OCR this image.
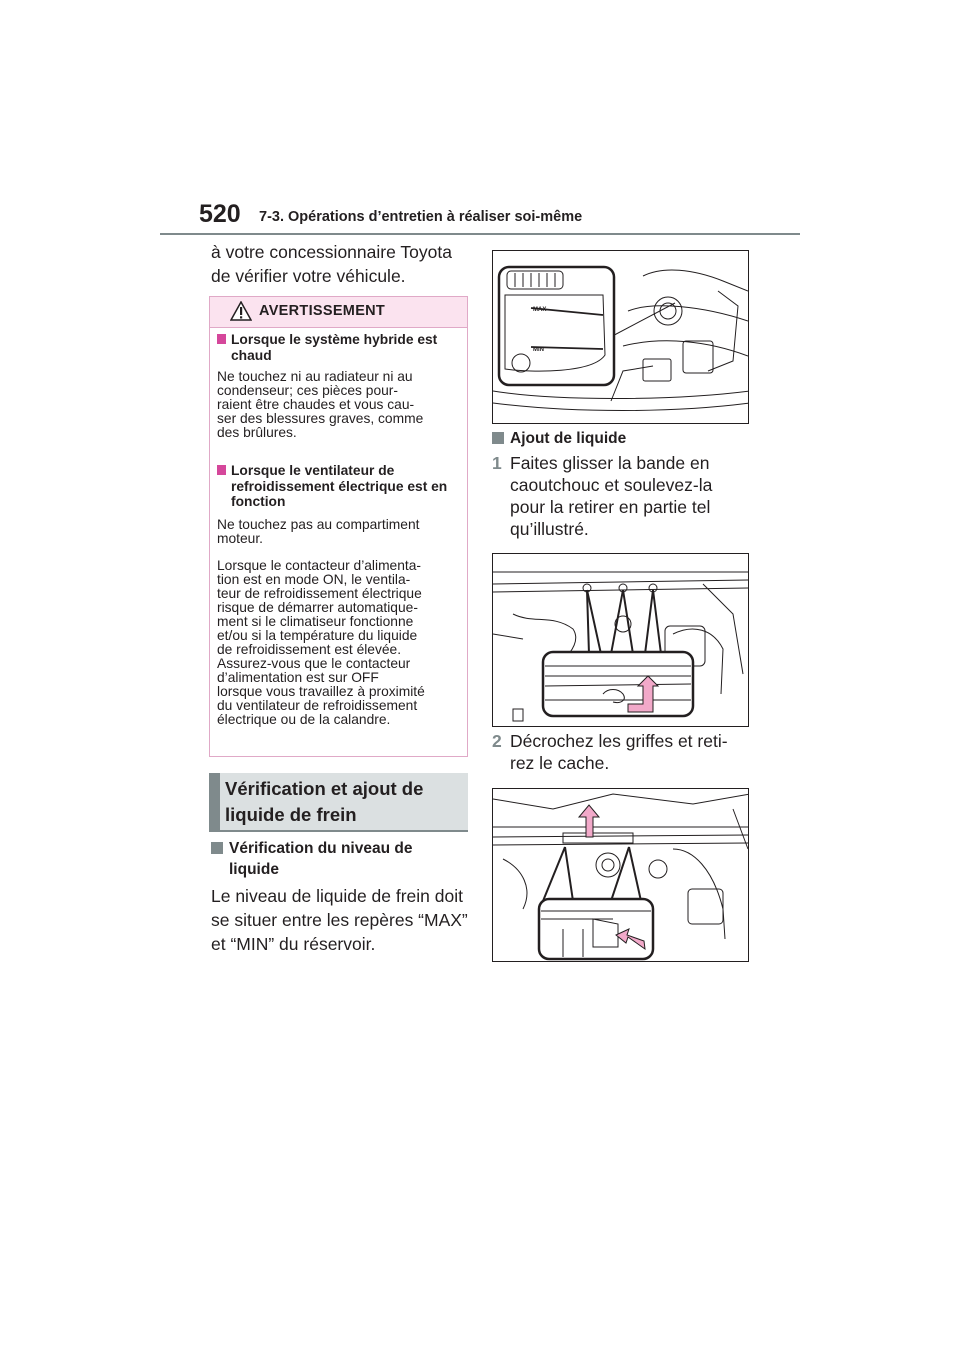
520 7-3. Opérations d’entretien à réaliser soi-même
à votre concessionnaire Toyota de vérifier votre véhicule.
AVERTISSEMENT
Lorsque le système hybride est chaud
Ne touchez ni au radiateur ni au
condenseur; ces pièces pour-
raient être chaudes et vous cau-
ser des blessures graves, comme
des brûlures.
Lorsque le ventilateur de refroidissement électrique est en fonction
Ne touchez pas au compartiment
moteur.
Lorsque le contacteur d’alimenta-
tion est en mode ON, le ventila-
teur de refroidissement électrique
risque de démarrer automatique-
ment si le climatiseur fonctionne
et/ou si la température du liquide
de refroidissement est élevée.
Assurez-vous que le contacteur
d’alimentation est sur OFF
lorsque vous travaillez à proximité
du ventilateur de refroidissement
électrique ou de la calandre.
Vérification et ajout de
liquide de frein
Vérification du niveau de liquide
Le niveau de liquide de frein doit se situer entre les repères “MAX” et “MIN” du réservoir.
MAX
MIN
Ajout de liquide
1 Faites glisser la bande en
caoutchouc et soulevez-la
pour la retirer en partie tel
qu’illustré.
2 Décrochez les griffes et reti-
rez le cache.
